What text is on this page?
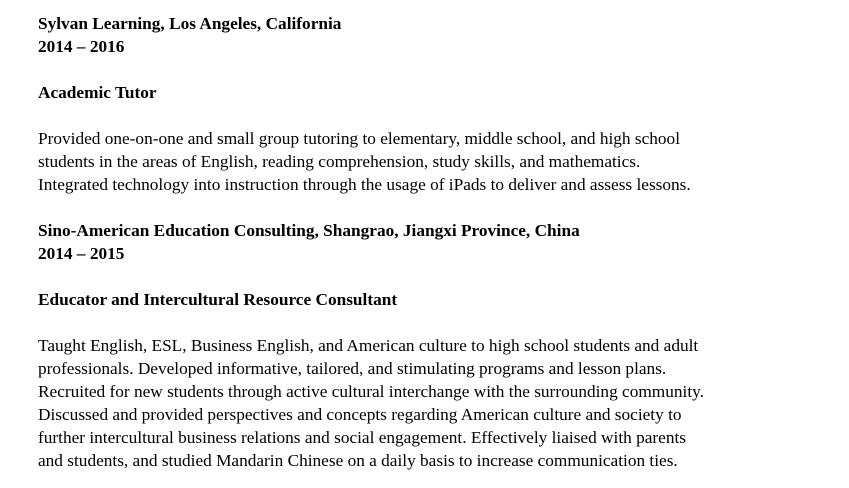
Sylvan Learning, Los Angeles, California

2014 – 2016

Academic Tutor

Provided one-on-one and small group tutoring to elementary, middle school, and high school
students in the areas of English, reading comprehension, study skills, and mathematics.
Integrated technology into instruction through the usage of iPads to deliver and assess lessons.

Sino-American Education Consulting, Shangrao, Jiangxi Province, China

2014 – 2015

Educator and Intercultural Resource Consultant

Taught English, ESL, Business English, and American culture to high school students and adult
professionals. Developed informative, tailored, and stimulating programs and lesson plans.
Recruited for new students through active cultural interchange with the surrounding community.
Discussed and provided perspectives and concepts regarding American culture and society to
further intercultural business relations and social engagement. Effectively liaised with parents
and students, and studied Mandarin Chinese on a daily basis to increase communication ties.
